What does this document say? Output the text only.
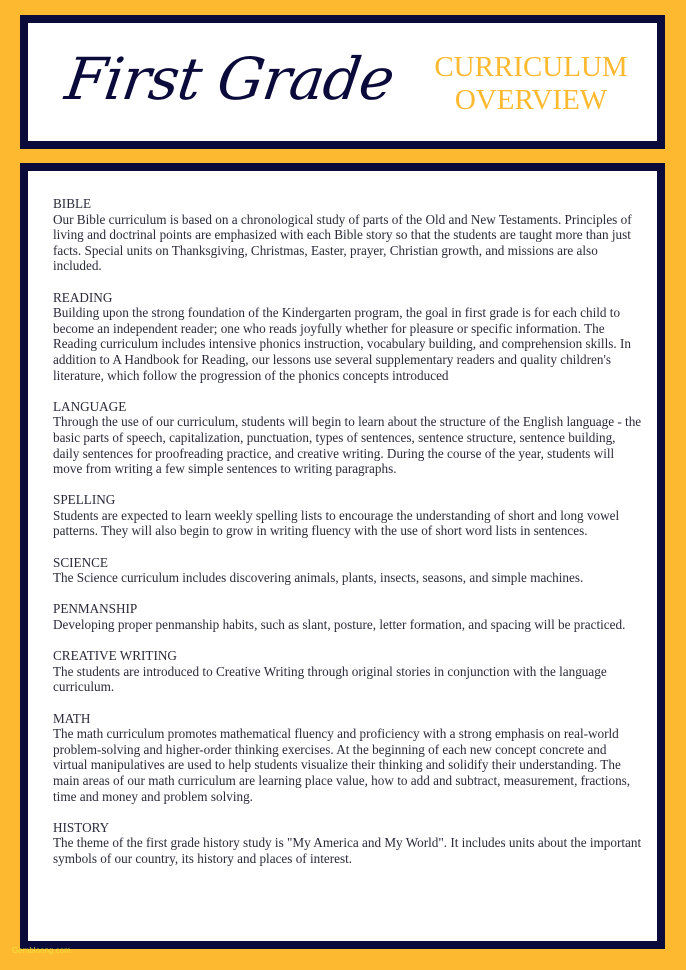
First Grade	CURRICULUM
OVERVIEW
BIBLE

Our Bible curriculum is based on a chronological study of parts of the Old and New Testaments. Principles of living and doctrinal points are emphasized with each Bible story so that the students are taught more than just facts. Special units on Thanksgiving, Christmas, Easter, prayer, Christian growth, and missions are also included.

READING

Building upon the strong foundation of the Kindergarten program, the goal in first grade is for each child to become an independent reader; one who reads joyfully whether for pleasure or specific information. The Reading curriculum includes intensive phonics instruction, vocabulary building, and comprehension skills. In addition to A Handbook for Reading, our lessons use several supplementary readers and quality children's literature, which follow the progression of the phonics concepts introduced

LANGUAGE

Through the use of our curriculum, students will begin to learn about the structure of the English language - the basic parts of speech, capitalization, punctuation, types of sentences, sentence structure, sentence building, daily sentences for proofreading practice, and creative writing. During the course of the year, students will move from writing a few simple sentences to writing paragraphs.

SPELLING

Students are expected to learn weekly spelling lists to encourage the understanding of short and long vowel patterns. They will also begin to grow in writing fluency with the use of short word lists in sentences.

SCIENCE

The Science curriculum includes discovering animals, plants, insects, seasons, and simple machines.

PENMANSHIP

Developing proper penmanship habits, such as slant, posture, letter formation, and spacing will be practiced.

CREATIVE WRITING

The students are introduced to Creative Writing through original stories in conjunction with the language curriculum.

MATH

The math curriculum promotes mathematical fluency and proficiency with a strong emphasis on real-world problem-solving and higher-order thinking exercises. At the beginning of each new concept concrete and virtual manipulatives are used to help students visualize their thinking and solidify their understanding. The main areas of our math curriculum are learning place value, how to add and subtract, measurement, fractions, time and money and problem solving.

HISTORY

The theme of the first grade history study is "My America and My World". It includes units about the important symbols of our country, its history and places of interest.

Gembloong.com
